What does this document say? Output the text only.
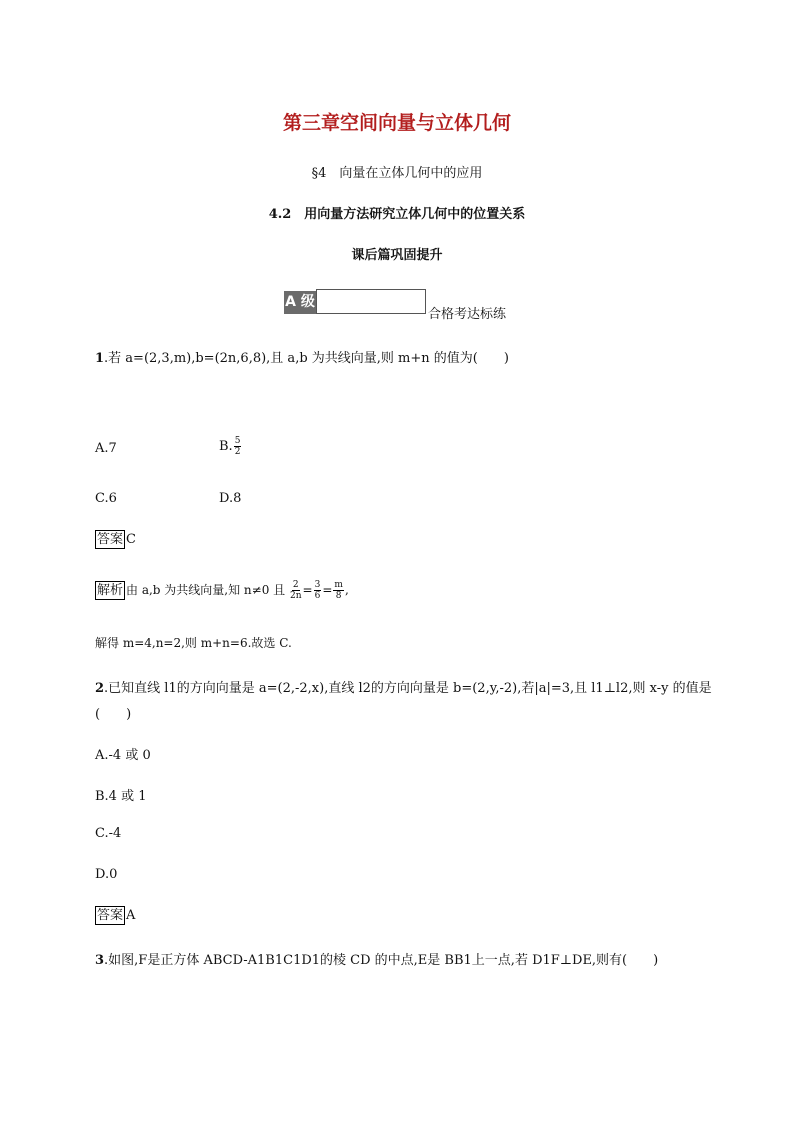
第三章空间向量与立体几何
§4　向量在立体几何中的应用
4.2　用向量方法研究立体几何中的位置关系
课后篇巩固提升
A 级
合格考达标练
1.若 a=(2,3,m),b=(2n,6,8),且 a,b 为共线向量,则 m+n 的值为(　　)
A.7	B. $\frac{5}{2}$
C.6	D.8
答案 C
解析 由 a,b 为共线向量,知 n≠0 且 $\frac{2}{2n} = \frac{3}{6} = \frac{m}{8}$ ,
解得 m=4,n=2,则 m+n=6.故选 C.
2.已知直线 l1的方向向量是 a=(2,-2,x),直线 l2的方向向量是 b=(2,y,-2),若|a|=3,且 l1⊥l2,则 x-y 的值是
(　　)
A.-4 或 0
B.4 或 1
C.-4
D.0
答案 A
3.如图,F是正方体 ABCD-A1B1C1D1的棱 CD 的中点,E是 BB1上一点,若 D1F⊥DE,则有(　　)
